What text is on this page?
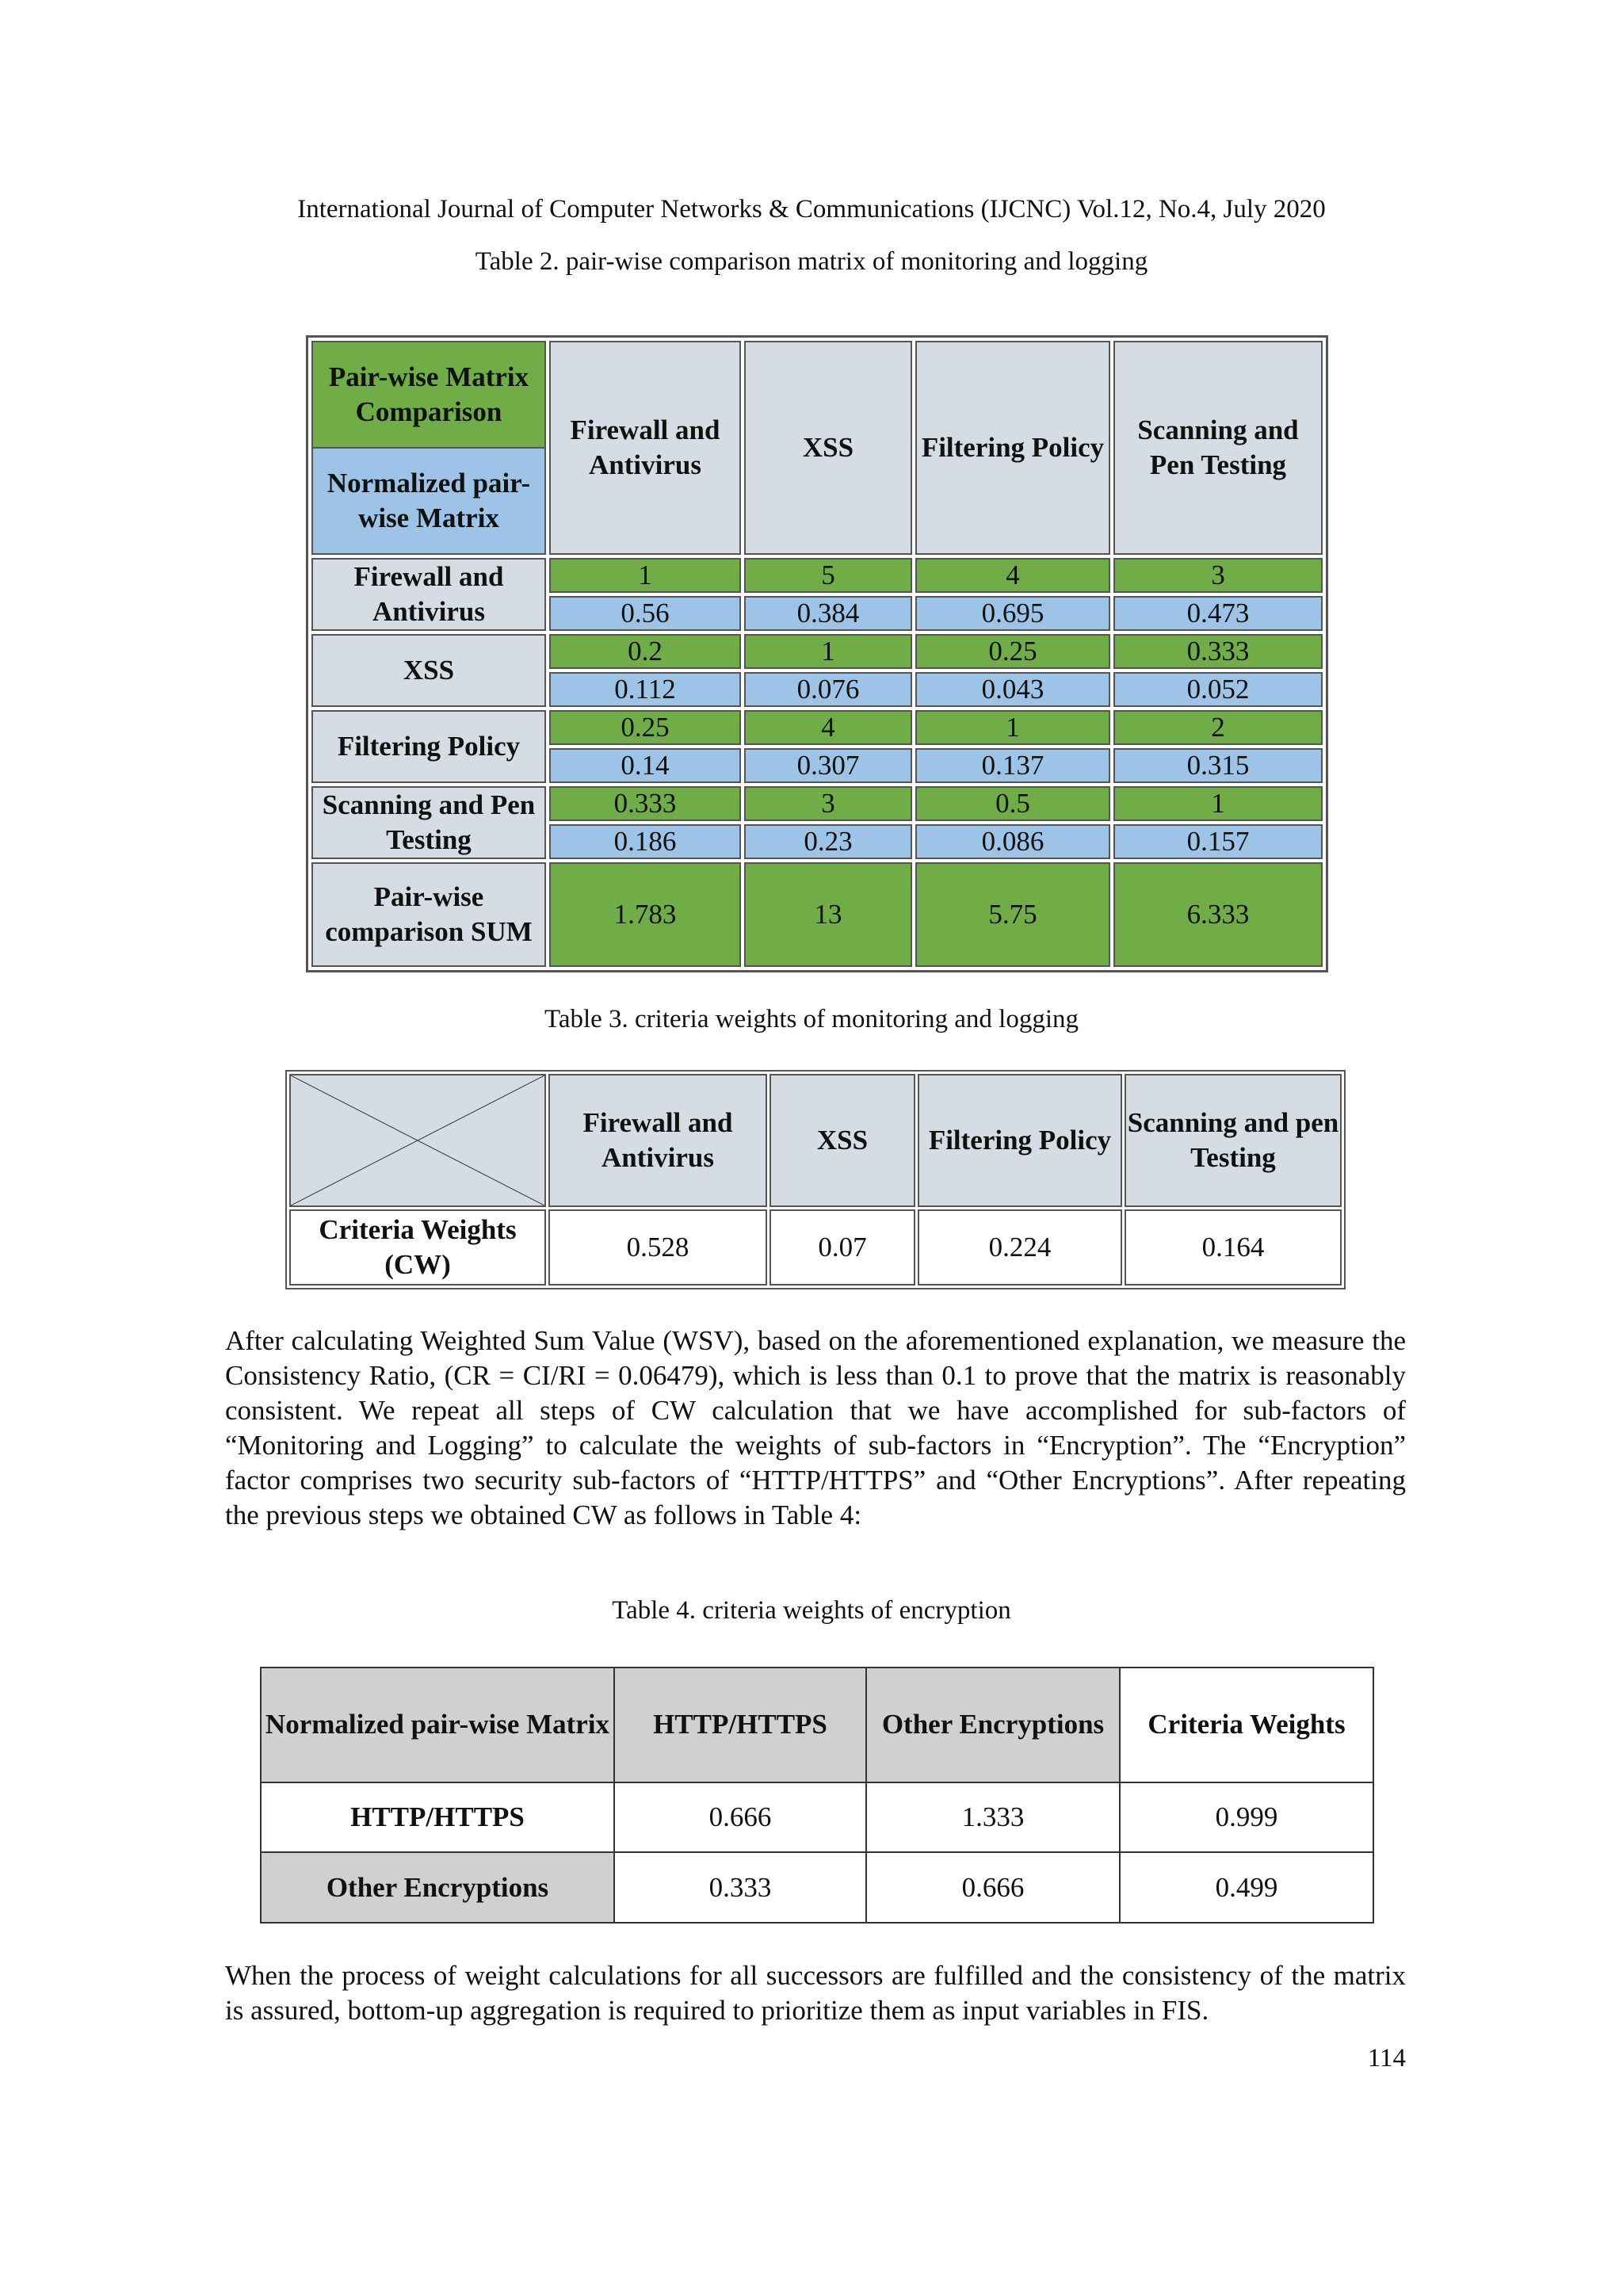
International Journal of Computer Networks & Communications (IJCNC) Vol.12, No.4, July 2020
Table 2. pair-wise comparison matrix of monitoring and logging
Pair-wise Matrix Comparison
Normalized pair-wise Matrix	Firewall and Antivirus	XSS	Filtering Policy	Scanning and Pen Testing
Firewall and Antivirus	1	5	4	3
	0.56	0.384	0.695	0.473
XSS	0.2	1	0.25	0.333
	0.112	0.076	0.043	0.052
Filtering Policy	0.25	4	1	2
	0.14	0.307	0.137	0.315
Scanning and Pen Testing	0.333	3	0.5	1
	0.186	0.23	0.086	0.157
Pair-wise comparison SUM	1.783	13	5.75	6.333
Table 3. criteria weights of monitoring and logging
	Firewall and Antivirus	XSS	Filtering Policy	Scanning and pen Testing
Criteria Weights (CW)	0.528	0.07	0.224	0.164
After calculating Weighted Sum Value (WSV), based on the aforementioned explanation, we measure the Consistency Ratio, (CR = CI/RI = 0.06479), which is less than 0.1 to prove that the matrix is reasonably consistent. We repeat all steps of CW calculation that we have accomplished for sub-factors of “Monitoring and Logging” to calculate the weights of sub-factors in “Encryption”. The “Encryption” factor comprises two security sub-factors of “HTTP/HTTPS” and “Other Encryptions”. After repeating the previous steps we obtained CW as follows in Table 4:
Table 4. criteria weights of encryption
Normalized pair-wise Matrix	HTTP/HTTPS	Other Encryptions	Criteria Weights
HTTP/HTTPS	0.666	1.333	0.999
Other Encryptions	0.333	0.666	0.499
When the process of weight calculations for all successors are fulfilled and the consistency of the matrix is assured, bottom-up aggregation is required to prioritize them as input variables in FIS.
114
